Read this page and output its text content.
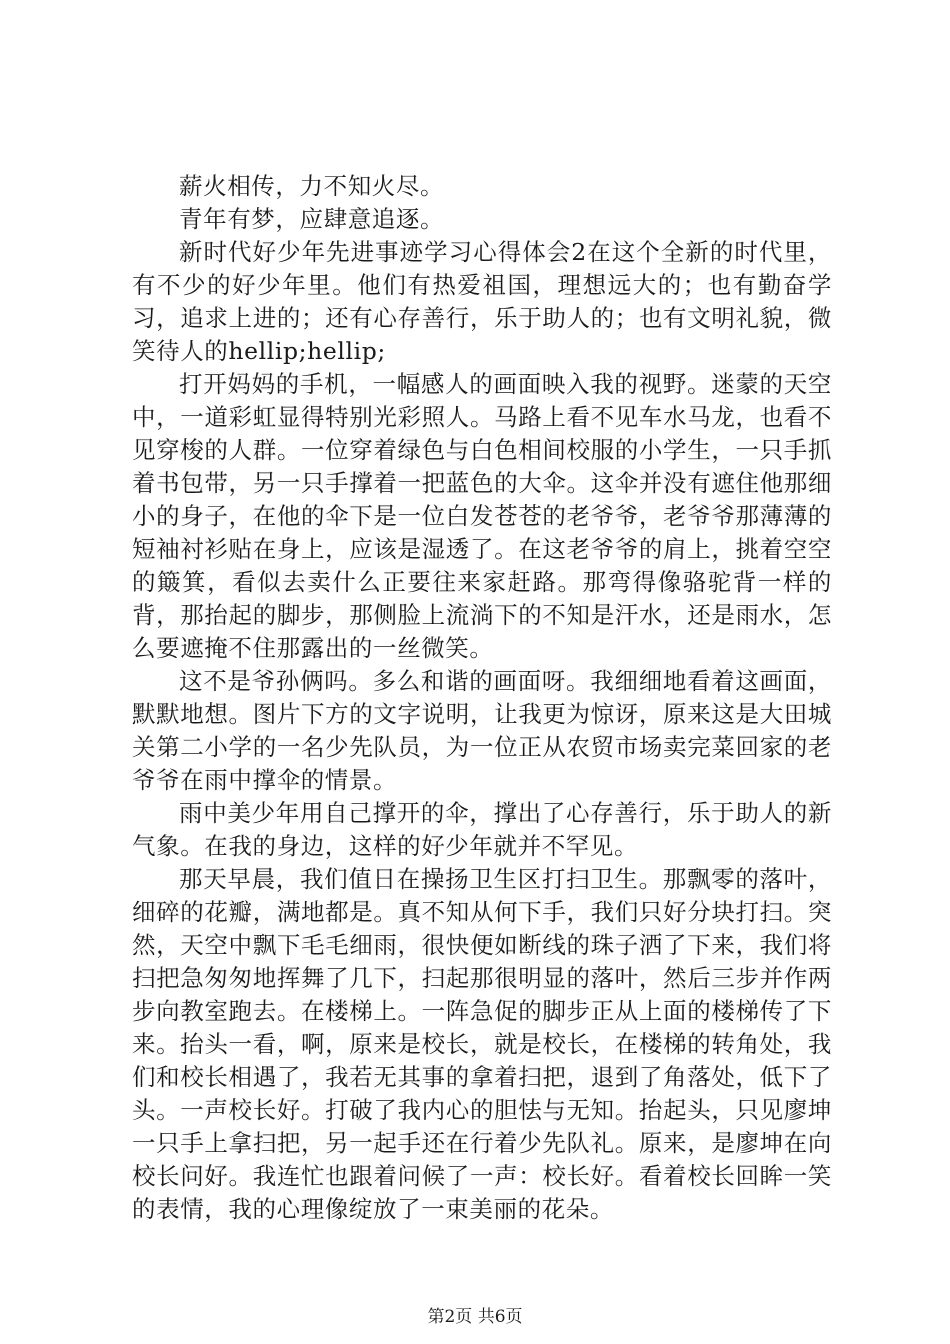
薪火相传，力不知火尽。

青年有梦，应肆意追逐。

新时代好少年先进事迹学习心得体会2在这个全新的时代里，有不少的好少年里。他们有热爱祖国，理想远大的；也有勤奋学习，追求上进的；还有心存善行，乐于助人的；也有文明礼貌，微笑待人的hellip;hellip;

打开妈妈的手机，一幅感人的画面映入我的视野。迷蒙的天空中，一道彩虹显得特别光彩照人。马路上看不见车水马龙，也看不见穿梭的人群。一位穿着绿色与白色相间校服的小学生，一只手抓着书包带，另一只手撑着一把蓝色的大伞。这伞并没有遮住他那细小的身子，在他的伞下是一位白发苍苍的老爷爷，老爷爷那薄薄的短袖衬衫贴在身上，应该是湿透了。在这老爷爷的肩上，挑着空空的簸箕，看似去卖什么正要往来家赶路。那弯得像骆驼背一样的背，那抬起的脚步，那侧脸上流淌下的不知是汗水，还是雨水，怎么要遮掩不住那露出的一丝微笑。

这不是爷孙俩吗。多么和谐的画面呀。我细细地看着这画面，默默地想。图片下方的文字说明，让我更为惊讶，原来这是大田城关第二小学的一名少先队员，为一位正从农贸市场卖完菜回家的老爷爷在雨中撑伞的情景。

雨中美少年用自己撑开的伞，撑出了心存善行，乐于助人的新气象。在我的身边，这样的好少年就并不罕见。

那天早晨，我们值日在操扬卫生区打扫卫生。那飘零的落叶，细碎的花瓣，满地都是。真不知从何下手，我们只好分块打扫。突然，天空中飘下毛毛细雨，很快便如断线的珠子洒了下来，我们将扫把急匆匆地挥舞了几下，扫起那很明显的落叶，然后三步并作两步向教室跑去。在楼梯上。一阵急促的脚步正从上面的楼梯传了下来。抬头一看，啊，原来是校长，就是校长，在楼梯的转角处，我们和校长相遇了，我若无其事的拿着扫把，退到了角落处，低下了头。一声校长好。打破了我内心的胆怯与无知。抬起头，只见廖坤一只手上拿扫把，另一起手还在行着少先队礼。原来，是廖坤在向校长问好。我连忙也跟着问候了一声：校长好。看着校长回眸一笑的表情，我的心理像绽放了一束美丽的花朵。

第2页 共6页
